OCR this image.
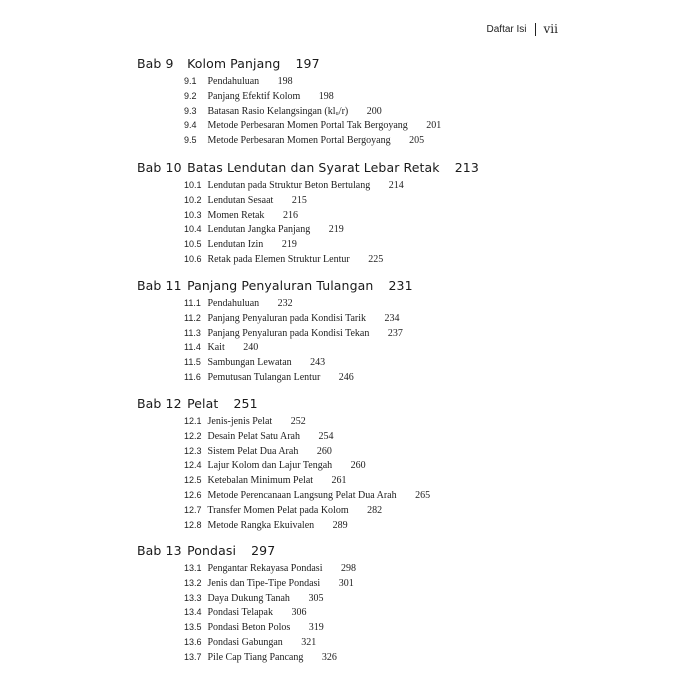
Daftar Isi vii
Bab 9 Kolom Panjang 197
9.1 Pendahuluan 198
9.2 Panjang Efektif Kolom 198
9.3 Batasan Rasio Kelangsingan (klᵤ/r) 200
9.4 Metode Perbesaran Momen Portal Tak Bergoyang 201
9.5 Metode Perbesaran Momen Portal Bergoyang 205
Bab 10 Batas Lendutan dan Syarat Lebar Retak 213
10.1 Lendutan pada Struktur Beton Bertulang 214
10.2 Lendutan Sesaat 215
10.3 Momen Retak 216
10.4 Lendutan Jangka Panjang 219
10.5 Lendutan Izin 219
10.6 Retak pada Elemen Struktur Lentur 225
Bab 11 Panjang Penyaluran Tulangan 231
11.1 Pendahuluan 232
11.2 Panjang Penyaluran pada Kondisi Tarik 234
11.3 Panjang Penyaluran pada Kondisi Tekan 237
11.4 Kait 240
11.5 Sambungan Lewatan 243
11.6 Pemutusan Tulangan Lentur 246
Bab 12 Pelat 251
12.1 Jenis-jenis Pelat 252
12.2 Desain Pelat Satu Arah 254
12.3 Sistem Pelat Dua Arah 260
12.4 Lajur Kolom dan Lajur Tengah 260
12.5 Ketebalan Minimum Pelat 261
12.6 Metode Perencanaan Langsung Pelat Dua Arah 265
12.7 Transfer Momen Pelat pada Kolom 282
12.8 Metode Rangka Ekuivalen 289
Bab 13 Pondasi 297
13.1 Pengantar Rekayasa Pondasi 298
13.2 Jenis dan Tipe-Tipe Pondasi 301
13.3 Daya Dukung Tanah 305
13.4 Pondasi Telapak 306
13.5 Pondasi Beton Polos 319
13.6 Pondasi Gabungan 321
13.7 Pile Cap Tiang Pancang 326
